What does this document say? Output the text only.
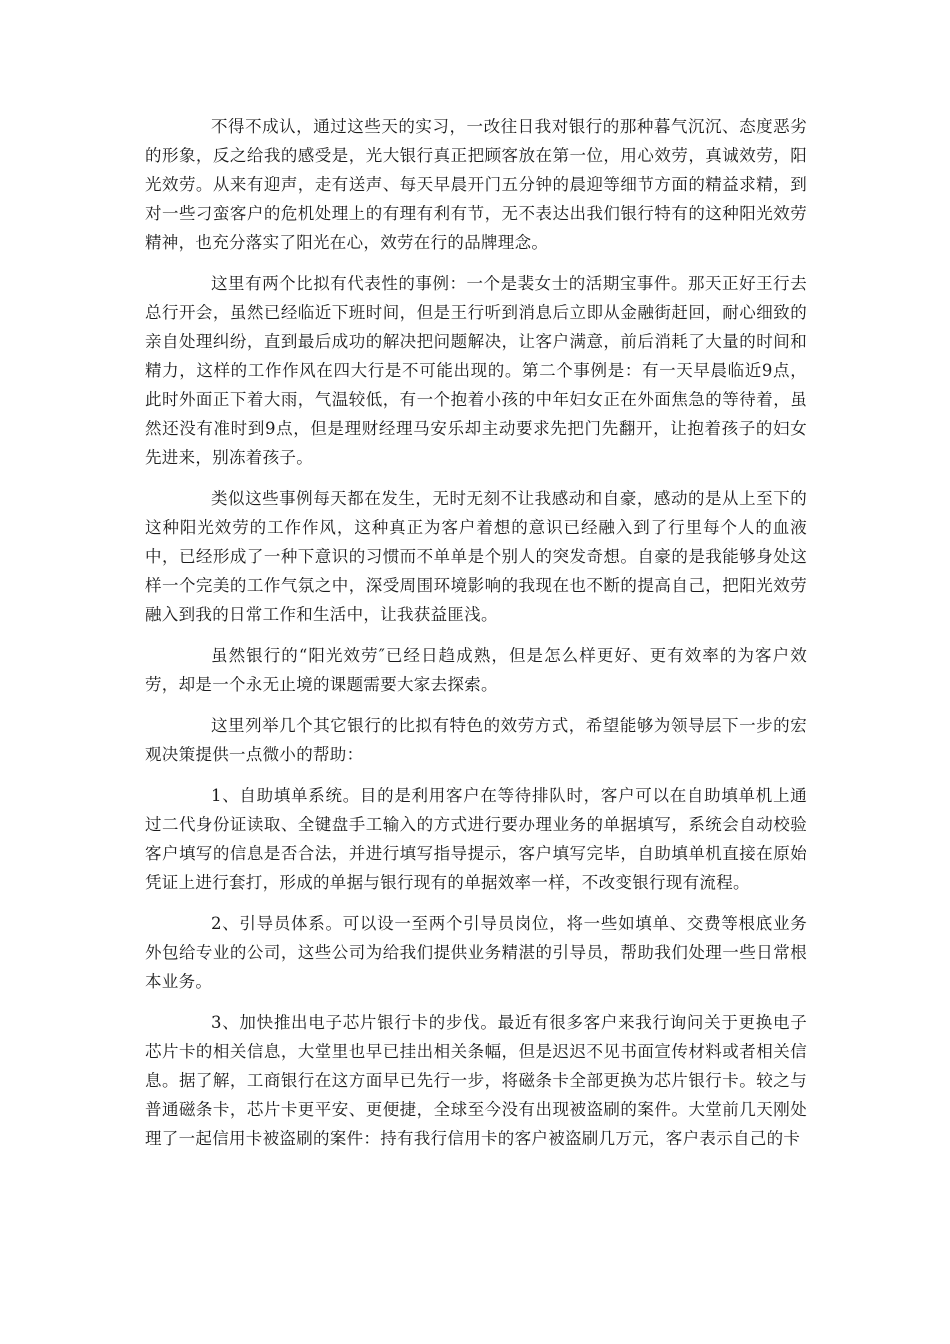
不得不成认，通过这些天的实习，一改往日我对银行的那种暮气沉沉、态度恶劣的形象，反之给我的感受是，光大银行真正把顾客放在第一位，用心效劳，真诚效劳，阳光效劳。从来有迎声，走有送声、每天早晨开门五分钟的晨迎等细节方面的精益求精，到对一些刁蛮客户的危机处理上的有理有利有节，无不表达出我们银行特有的这种阳光效劳精神，也充分落实了阳光在心，效劳在行的品牌理念。

这里有两个比拟有代表性的事例：一个是裴女士的活期宝事件。那天正好王行去总行开会，虽然已经临近下班时间，但是王行听到消息后立即从金融街赶回，耐心细致的亲自处理纠纷，直到最后成功的解决把问题解决，让客户满意，前后消耗了大量的时间和精力，这样的工作作风在四大行是不可能出现的。第二个事例是：有一天早晨临近9点，此时外面正下着大雨，气温较低，有一个抱着小孩的中年妇女正在外面焦急的等待着，虽然还没有准时到9点，但是理财经理马安乐却主动要求先把门先翻开，让抱着孩子的妇女先进来，别冻着孩子。

类似这些事例每天都在发生，无时无刻不让我感动和自豪，感动的是从上至下的这种阳光效劳的工作作风，这种真正为客户着想的意识已经融入到了行里每个人的血液中，已经形成了一种下意识的习惯而不单单是个别人的突发奇想。自豪的是我能够身处这样一个完美的工作气氛之中，深受周围环境影响的我现在也不断的提高自己，把阳光效劳融入到我的日常工作和生活中，让我获益匪浅。

虽然银行的“阳光效劳″已经日趋成熟，但是怎么样更好、更有效率的为客户效劳，却是一个永无止境的课题需要大家去探索。

这里列举几个其它银行的比拟有特色的效劳方式，希望能够为领导层下一步的宏观决策提供一点微小的帮助：

1、自助填单系统。目的是利用客户在等待排队时，客户可以在自助填单机上通过二代身份证读取、全键盘手工输入的方式进行要办理业务的单据填写，系统会自动校验客户填写的信息是否合法，并进行填写指导提示，客户填写完毕，自助填单机直接在原始凭证上进行套打，形成的单据与银行现有的单据效率一样，不改变银行现有流程。

2、引导员体系。可以设一至两个引导员岗位，将一些如填单、交费等根底业务外包给专业的公司，这些公司为给我们提供业务精湛的引导员，帮助我们处理一些日常根本业务。

3、加快推出电子芯片银行卡的步伐。最近有很多客户来我行询问关于更换电子芯片卡的相关信息，大堂里也早已挂出相关条幅，但是迟迟不见书面宣传材料或者相关信息。据了解，工商银行在这方面早已先行一步，将磁条卡全部更换为芯片银行卡。较之与普通磁条卡，芯片卡更平安、更便捷，全球至今没有出现被盗刷的案件。大堂前几天刚处理了一起信用卡被盗刷的案件：持有我行信用卡的客户被盗刷几万元，客户表示自己的卡
